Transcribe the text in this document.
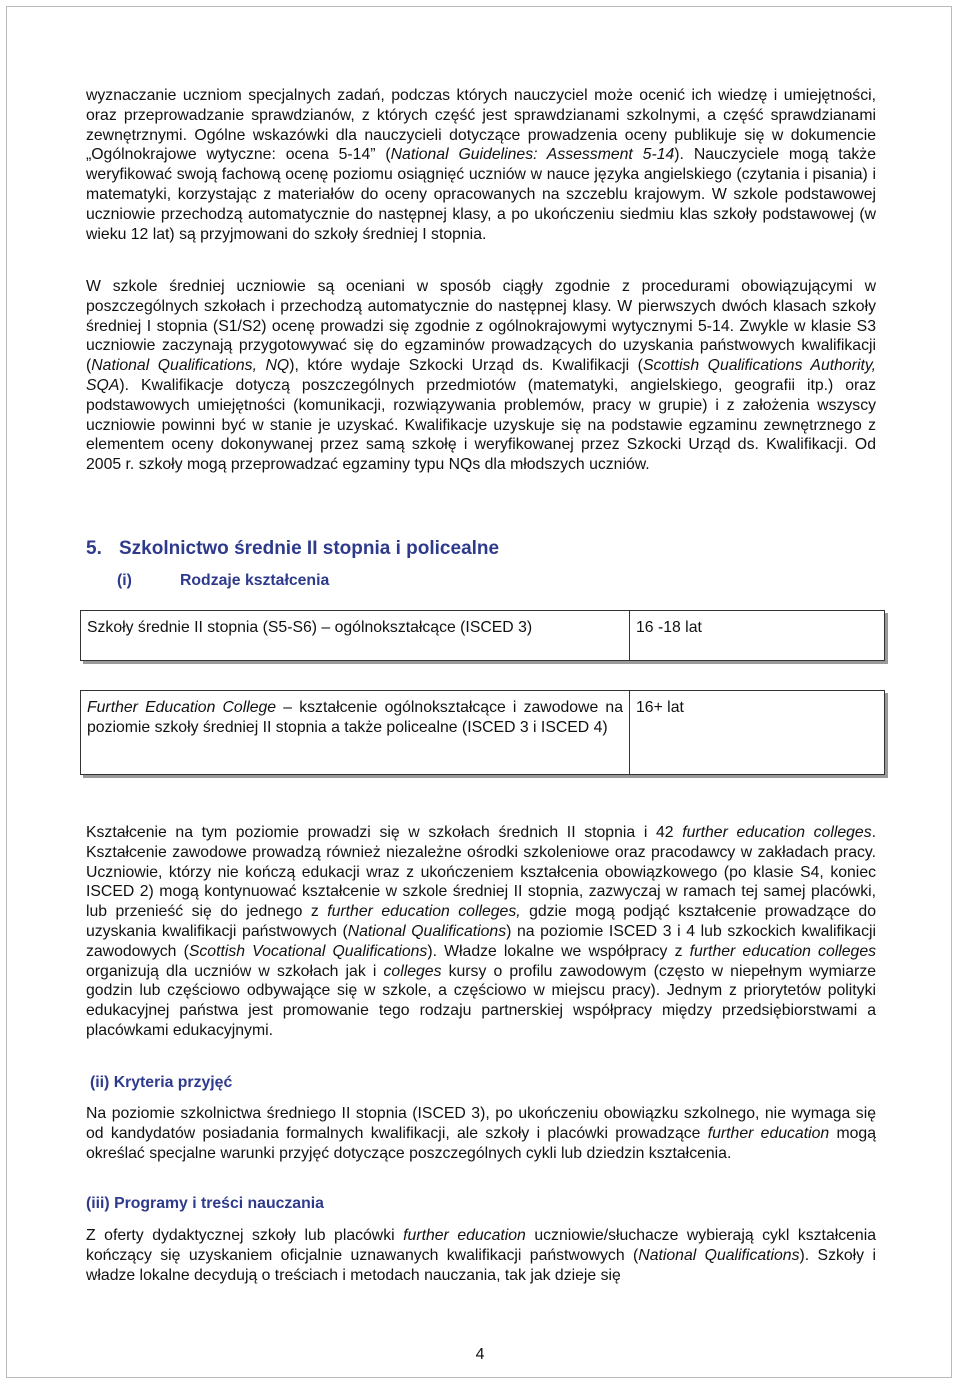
wyznaczanie uczniom specjalnych zadań, podczas których nauczyciel może ocenić ich wiedzę i umiejętności, oraz przeprowadzanie sprawdzianów, z których część jest sprawdzianami szkolnymi, a część sprawdzianami zewnętrznymi. Ogólne wskazówki dla nauczycieli dotyczące prowadzenia oceny publikuje się w dokumencie „Ogólnokrajowe wytyczne: ocena 5-14” (National Guidelines: Assessment 5-14). Nauczyciele mogą także weryfikować swoją fachową ocenę poziomu osiągnięć uczniów w nauce języka angielskiego (czytania i pisania) i matematyki, korzystając z materiałów do oceny opracowanych na szczeblu krajowym. W szkole podstawowej uczniowie przechodzą automatycznie do następnej klasy, a po ukończeniu siedmiu klas szkoły podstawowej (w wieku 12 lat) są przyjmowani do szkoły średniej I stopnia.

W szkole średniej uczniowie są oceniani w sposób ciągły zgodnie z procedurami obowiązującymi w poszczególnych szkołach i przechodzą automatycznie do następnej klasy. W pierwszych dwóch klasach szkoły średniej I stopnia (S1/S2) ocenę prowadzi się zgodnie z ogólnokrajowymi wytycznymi 5-14. Zwykle w klasie S3 uczniowie zaczynają przygotowywać się do egzaminów prowadzących do uzyskania państwowych kwalifikacji (National Qualifications, NQ), które wydaje Szkocki Urząd ds. Kwalifikacji (Scottish Qualifications Authority, SQA). Kwalifikacje dotyczą poszczególnych przedmiotów (matematyki, angielskiego, geografii itp.) oraz podstawowych umiejętności (komunikacji, rozwiązywania problemów, pracy w grupie) i z założenia wszyscy uczniowie powinni być w stanie je uzyskać. Kwalifikacje uzyskuje się na podstawie egzaminu zewnętrznego z elementem oceny dokonywanej przez samą szkołę i weryfikowanej przez Szkocki Urząd ds. Kwalifikacji. Od 2005 r. szkoły mogą przeprowadzać egzaminy typu NQs dla młodszych uczniów.

5. Szkolnictwo średnie II stopnia i policealne
(i)	Rodzaje kształcenia
Szkoły średnie II stopnia (S5-S6) – ogólnokształcące (ISCED 3)	16 -18 lat
Further Education College – kształcenie ogólnokształcące i zawodowe na poziomie szkoły średniej II stopnia a także policealne (ISCED 3 i ISCED 4)
16+ lat

Kształcenie na tym poziomie prowadzi się w szkołach średnich II stopnia i 42 further education colleges. Kształcenie zawodowe prowadzą również niezależne ośrodki szkoleniowe oraz pracodawcy w zakładach pracy. Uczniowie, którzy nie kończą edukacji wraz z ukończeniem kształcenia obowiązkowego (po klasie S4, koniec ISCED 2) mogą kontynuować kształcenie w szkole średniej II stopnia, zazwyczaj w ramach tej samej placówki, lub przenieść się do jednego z further education colleges, gdzie mogą podjąć kształcenie prowadzące do uzyskania kwalifikacji państwowych (National Qualifications) na poziomie ISCED 3 i 4 lub szkockich kwalifikacji zawodowych (Scottish Vocational Qualifications). Władze lokalne we współpracy z further education colleges organizują dla uczniów w szkołach jak i colleges kursy o profilu zawodowym (często w niepełnym wymiarze godzin lub częściowo odbywające się w szkole, a częściowo w miejscu pracy). Jednym z priorytetów polityki edukacyjnej państwa jest promowanie tego rodzaju partnerskiej współpracy między przedsiębiorstwami a placówkami edukacyjnymi.

(ii) Kryteria przyjęć

Na poziomie szkolnictwa średniego II stopnia (ISCED 3), po ukończeniu obowiązku szkolnego, nie wymaga się od kandydatów posiadania formalnych kwalifikacji, ale szkoły i placówki prowadzące further education mogą określać specjalne warunki przyjęć dotyczące poszczególnych cykli lub dziedzin kształcenia.

(iii) Programy i treści nauczania

Z oferty dydaktycznej szkoły lub placówki further education uczniowie/słuchacze wybierają cykl kształcenia kończący się uzyskaniem oficjalnie uznawanych kwalifikacji państwowych (National Qualifications). Szkoły i władze lokalne decydują o treściach i metodach nauczania, tak jak dzieje się

4
